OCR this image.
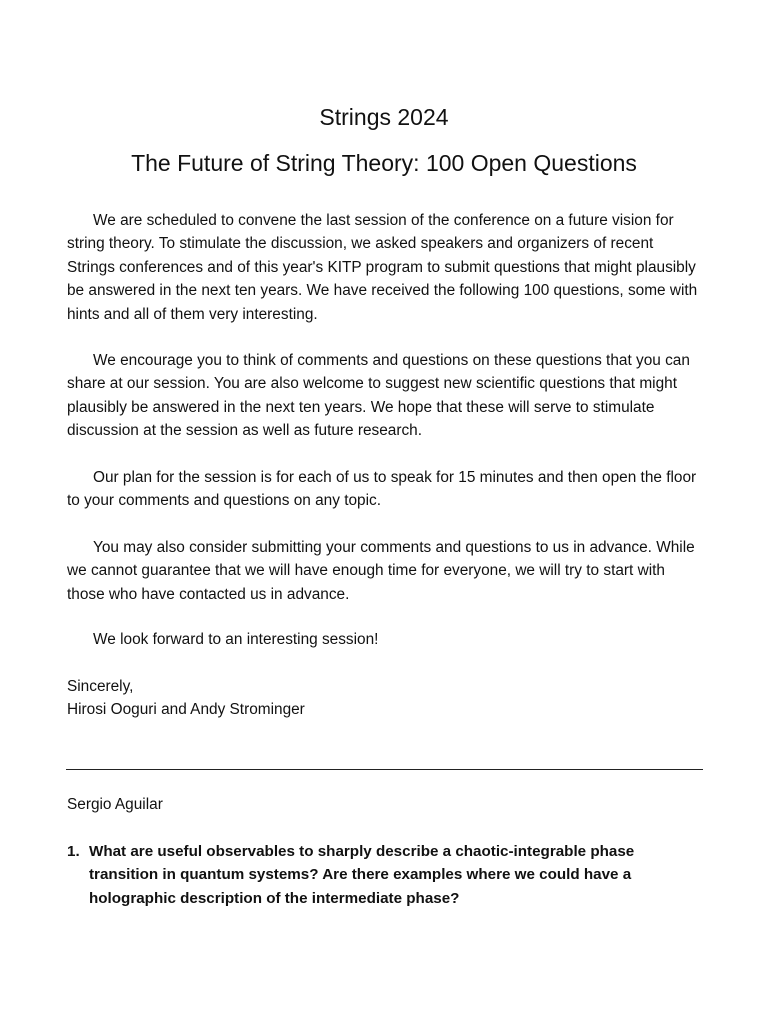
Strings 2024
The Future of String Theory: 100 Open Questions
We are scheduled to convene the last session of the conference on a future vision for string theory. To stimulate the discussion, we asked speakers and organizers of recent Strings conferences and of this year's KITP program to submit questions that might plausibly be answered in the next ten years. We have received the following 100 questions, some with hints and all of them very interesting.
We encourage you to think of comments and questions on these questions that you can share at our session. You are also welcome to suggest new scientific questions that might plausibly be answered in the next ten years. We hope that these will serve to stimulate discussion at the session as well as future research.
Our plan for the session is for each of us to speak for 15 minutes and then open the floor to your comments and questions on any topic.
You may also consider submitting your comments and questions to us in advance. While we cannot guarantee that we will have enough time for everyone, we will try to start with those who have contacted us in advance.
We look forward to an interesting session!
Sincerely,
Hirosi Ooguri and Andy Strominger
Sergio Aguilar
1. What are useful observables to sharply describe a chaotic-integrable phase transition in quantum systems? Are there examples where we could have a holographic description of the intermediate phase?
